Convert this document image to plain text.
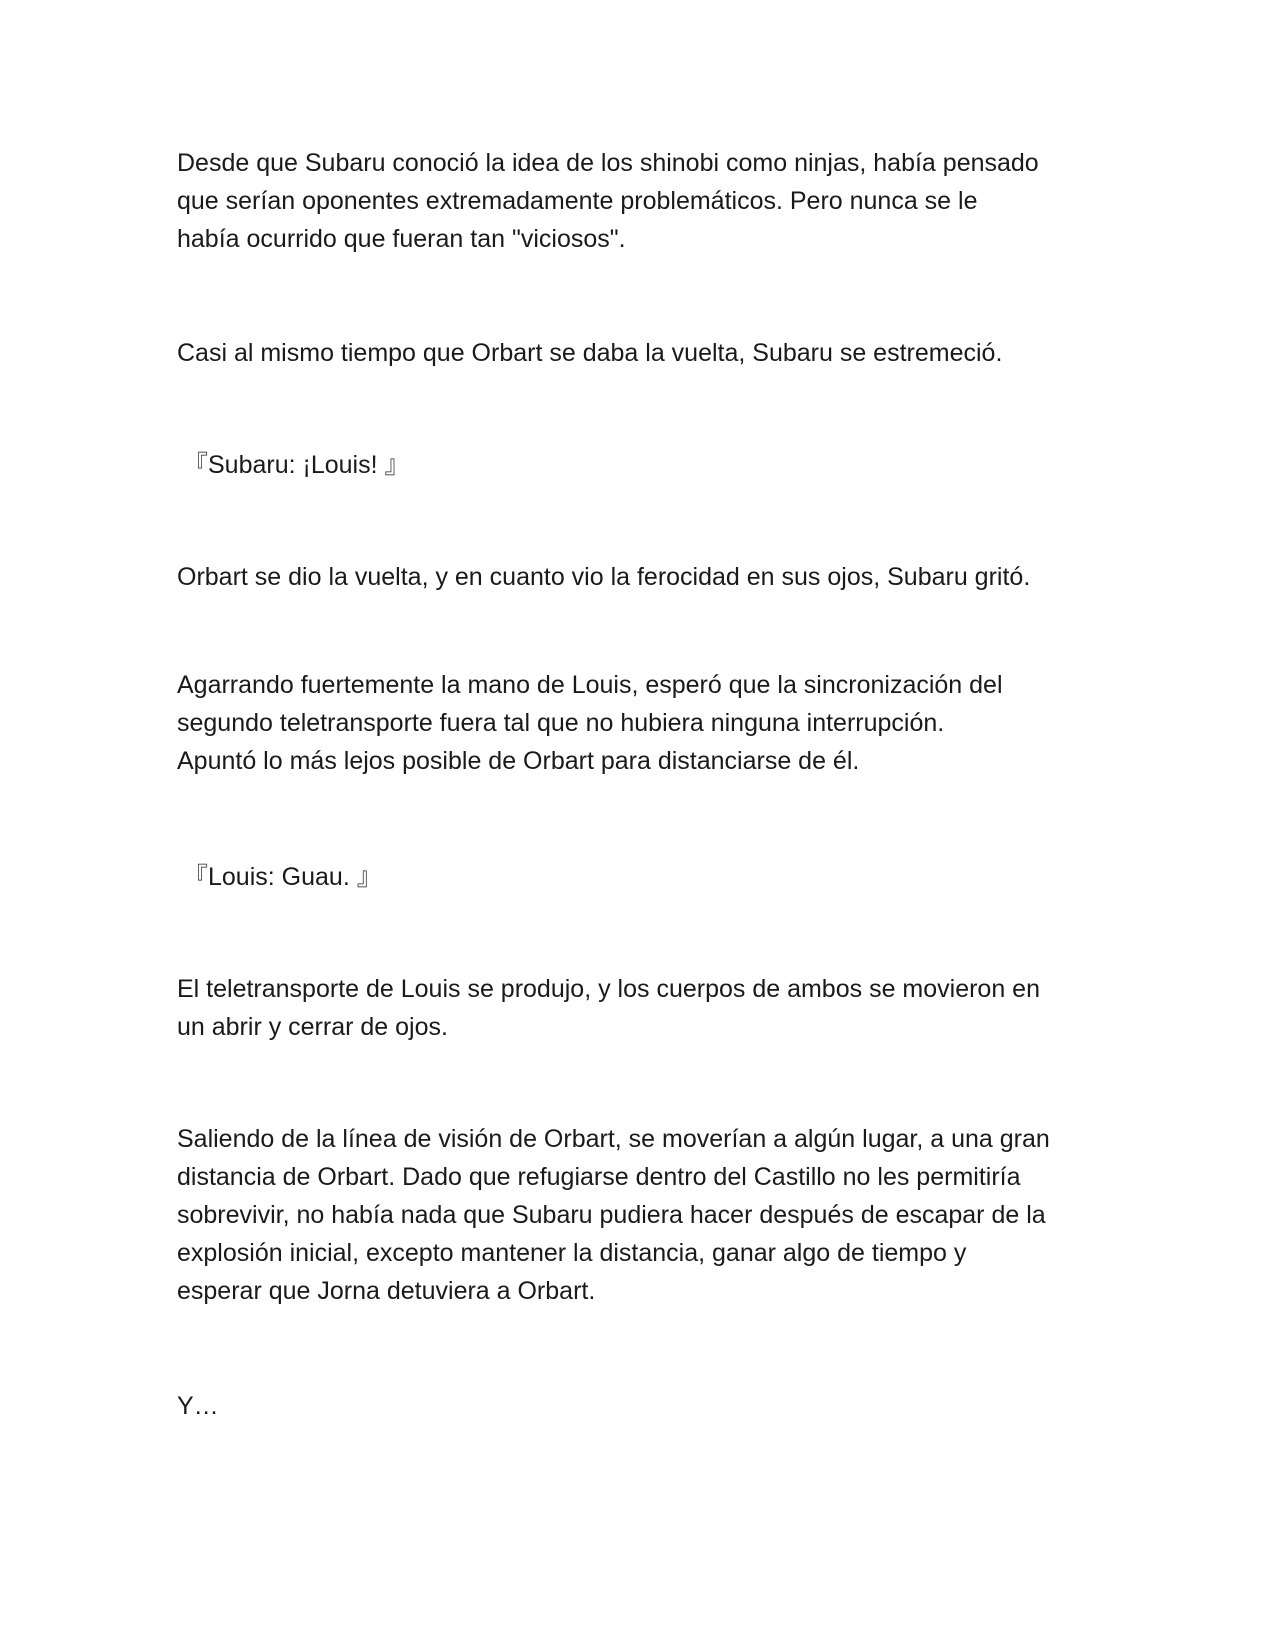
Desde que Subaru conoció la idea de los shinobi como ninjas, había pensado
que serían oponentes extremadamente problemáticos. Pero nunca se le
había ocurrido que fueran tan "viciosos".

Casi al mismo tiempo que Orbart se daba la vuelta, Subaru se estremeció.

『Subaru: ¡Louis! 』

Orbart se dio la vuelta, y en cuanto vio la ferocidad en sus ojos, Subaru gritó.

Agarrando fuertemente la mano de Louis, esperó que la sincronización del
segundo teletransporte fuera tal que no hubiera ninguna interrupción.
Apuntó lo más lejos posible de Orbart para distanciarse de él.

『Louis: Guau. 』

El teletransporte de Louis se produjo, y los cuerpos de ambos se movieron en
un abrir y cerrar de ojos.

Saliendo de la línea de visión de Orbart, se moverían a algún lugar, a una gran
distancia de Orbart. Dado que refugiarse dentro del Castillo no les permitiría
sobrevivir, no había nada que Subaru pudiera hacer después de escapar de la
explosión inicial, excepto mantener la distancia, ganar algo de tiempo y
esperar que Jorna detuviera a Orbart.

Y…
